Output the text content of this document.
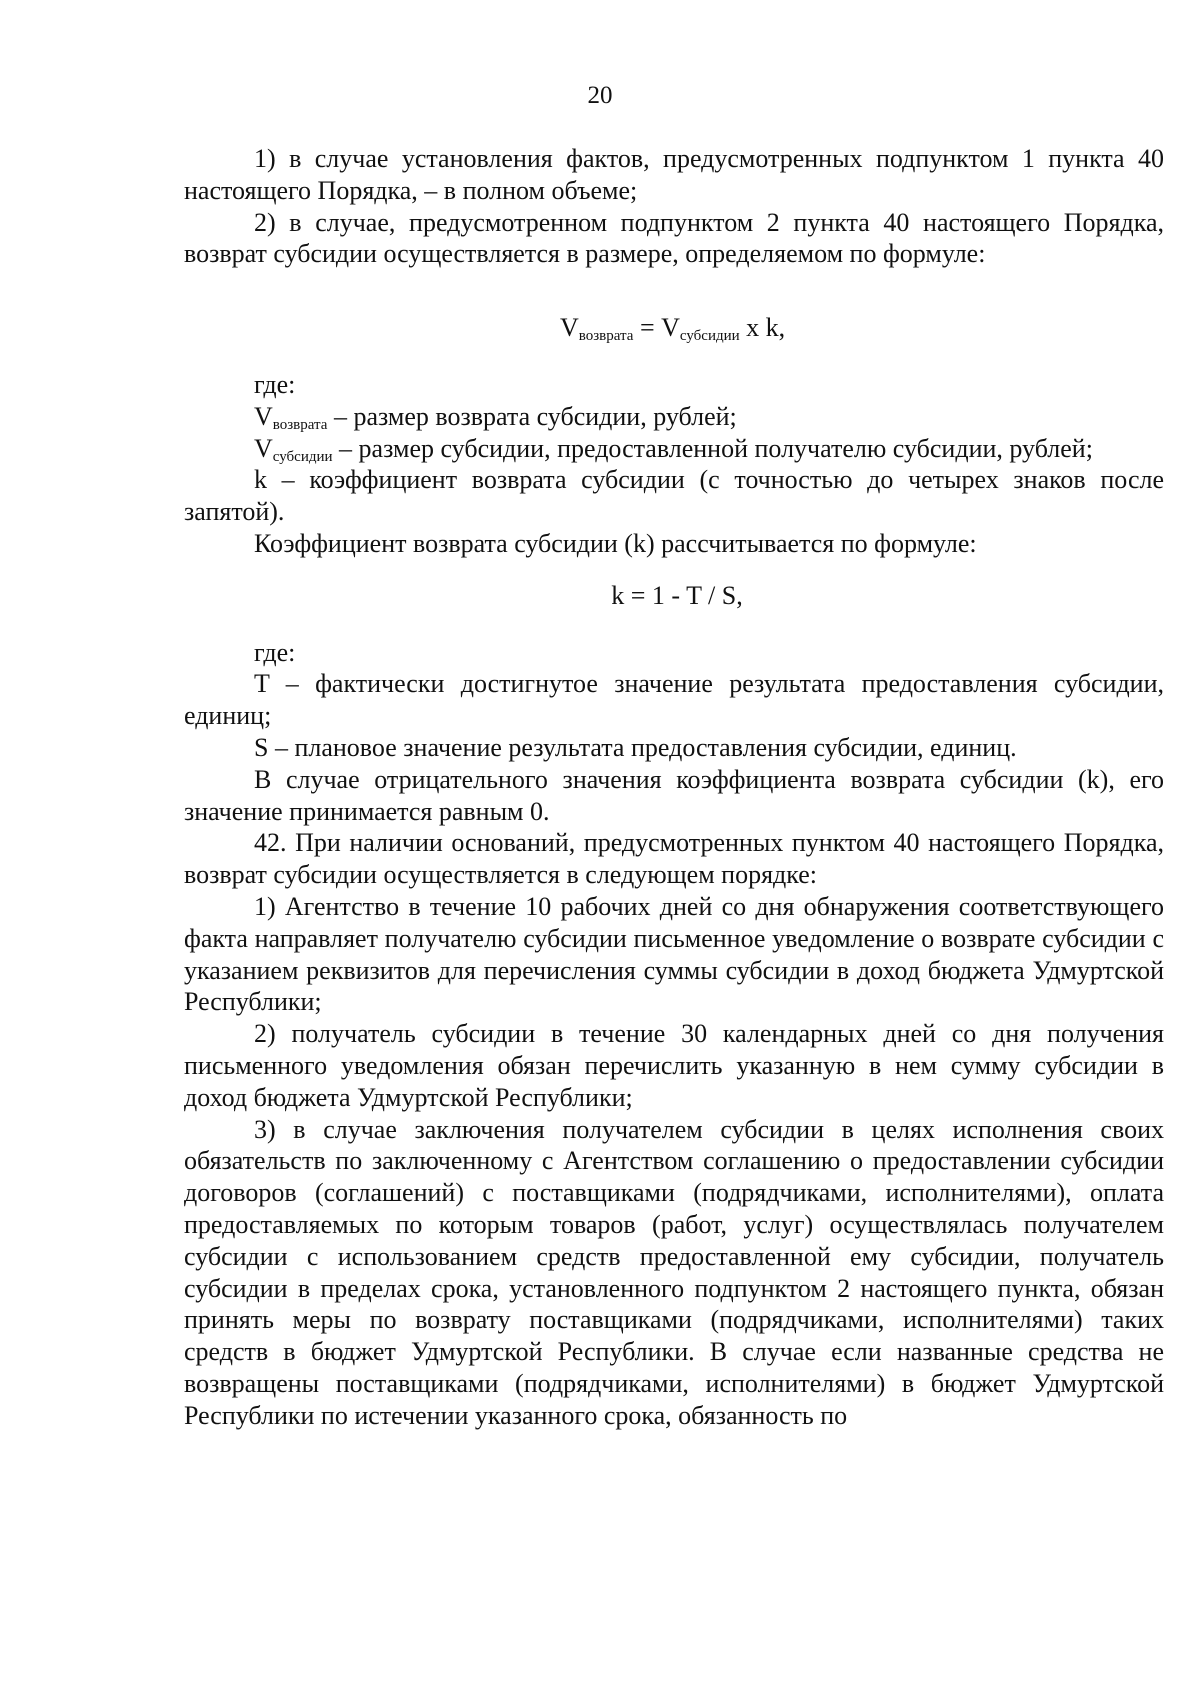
20

1) в случае установления фактов, предусмотренных подпунктом 1 пункта 40 настоящего Порядка, – в полном объеме;

2) в случае, предусмотренном подпунктом 2 пункта 40 настоящего Порядка, возврат субсидии осуществляется в размере, определяемом по формуле:

$V_{возврата} = V_{субсидии}$ x k,

где:

$V_{возврата}$ – размер возврата субсидии, рублей;

$V_{субсидии}$ – размер субсидии, предоставленной получателю субсидии, рублей;

k – коэффициент возврата субсидии (с точностью до четырех знаков после запятой).

Коэффициент возврата субсидии (k) рассчитывается по формуле:

k = 1 - T / S,

где:

T – фактически достигнутое значение результата предоставления субсидии, единиц;

S – плановое значение результата предоставления субсидии, единиц.

В случае отрицательного значения коэффициента возврата субсидии (k), его значение принимается равным 0.

42. При наличии оснований, предусмотренных пунктом 40 настоящего Порядка, возврат субсидии осуществляется в следующем порядке:

1) Агентство в течение 10 рабочих дней со дня обнаружения соответствующего факта направляет получателю субсидии письменное уведомление о возврате субсидии с указанием реквизитов для перечисления суммы субсидии в доход бюджета Удмуртской Республики;

2) получатель субсидии в течение 30 календарных дней со дня получения письменного уведомления обязан перечислить указанную в нем сумму субсидии в доход бюджета Удмуртской Республики;

3) в случае заключения получателем субсидии в целях исполнения своих обязательств по заключенному с Агентством соглашению о предоставлении субсидии договоров (соглашений) с поставщиками (подрядчиками, исполнителями), оплата предоставляемых по которым товаров (работ, услуг) осуществлялась получателем субсидии с использованием средств предоставленной ему субсидии, получатель субсидии в пределах срока, установленного подпунктом 2 настоящего пункта, обязан принять меры по возврату поставщиками (подрядчиками, исполнителями) таких средств в бюджет Удмуртской Республики. В случае если названные средства не возвращены поставщиками (подрядчиками, исполнителями) в бюджет Удмуртской Республики по истечении указанного срока, обязанность по
